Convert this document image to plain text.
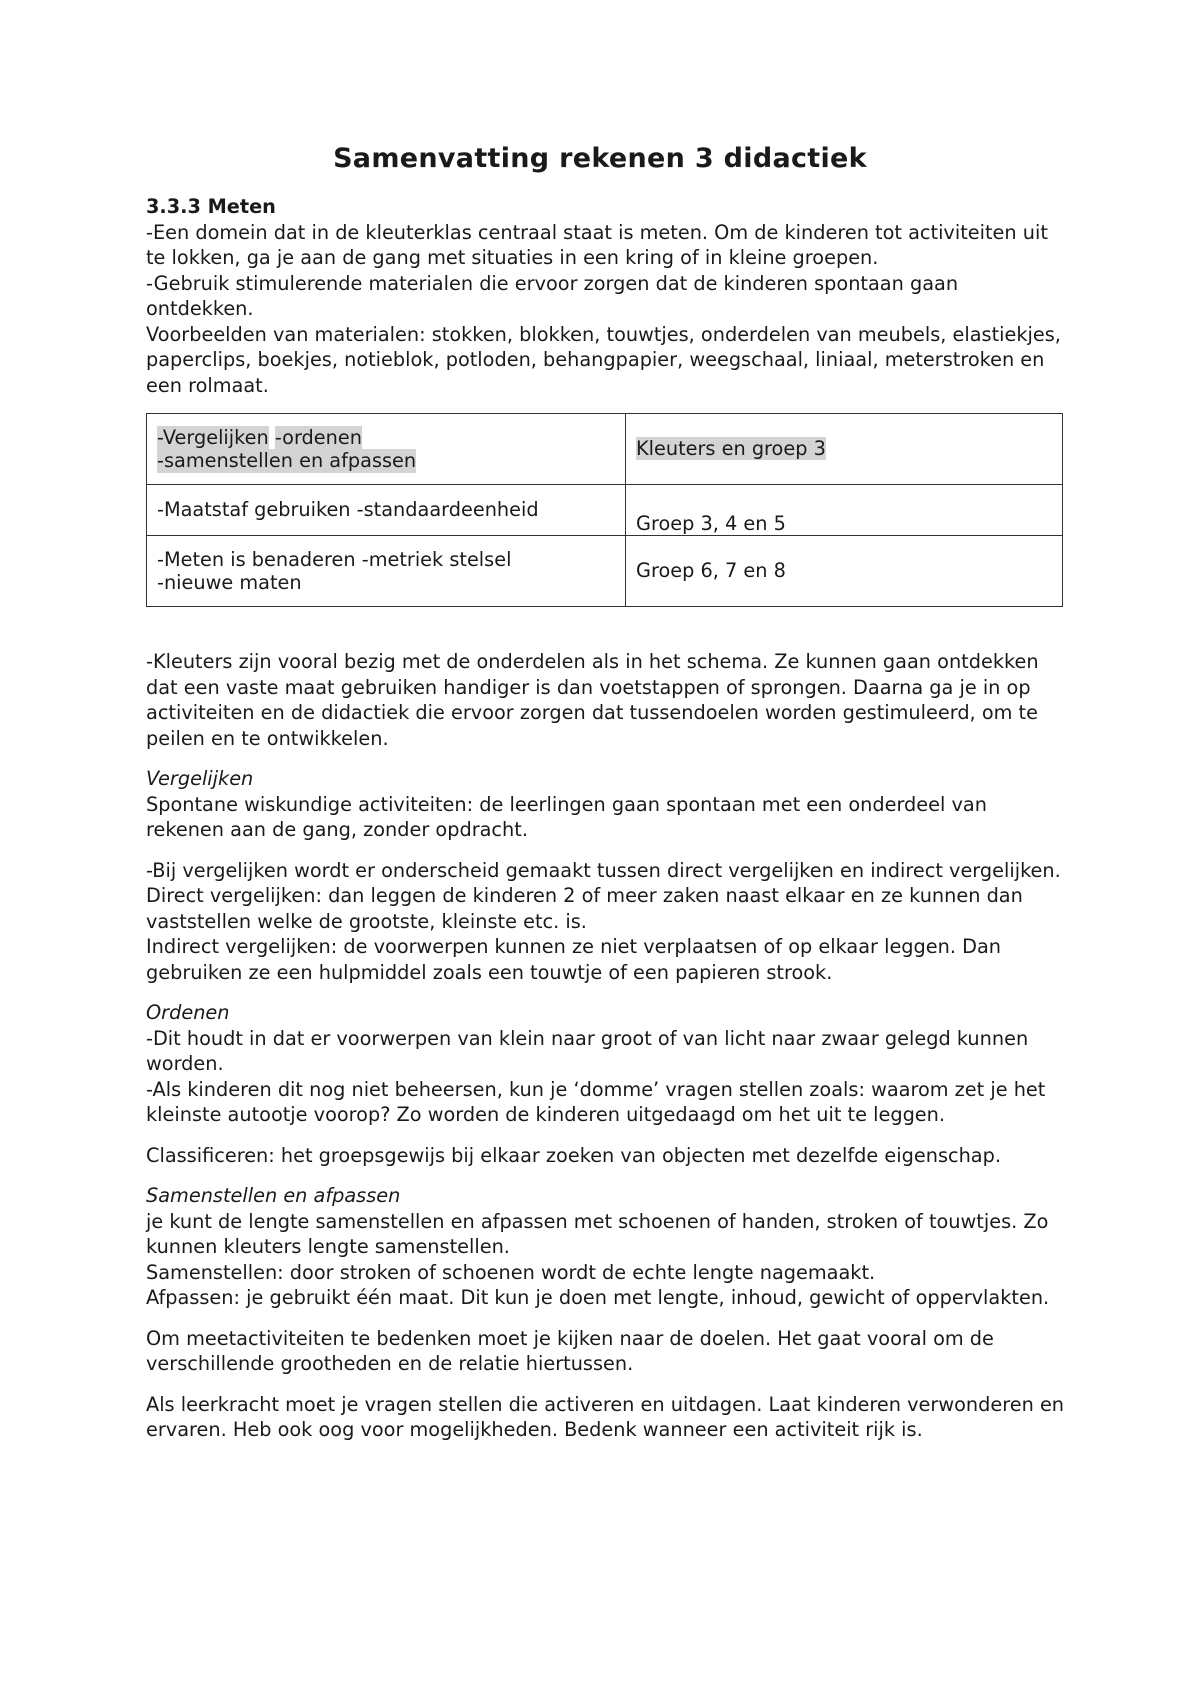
Samenvatting rekenen 3 didactiek

3.3.3 Meten

-Een domein dat in de kleuterklas centraal staat is meten. Om de kinderen tot activiteiten uit te lokken, ga je aan de gang met situaties in een kring of in kleine groepen.

-Gebruik stimulerende materialen die ervoor zorgen dat de kinderen spontaan gaan ontdekken.

Voorbeelden van materialen: stokken, blokken, touwtjes, onderdelen van meubels, elastiekjes, paperclips, boekjes, notieblok, potloden, behangpapier, weegschaal, liniaal, meterstroken en een rolmaat.

-Vergelijken -ordenen -samenstellen en afpassen	Kleuters en groep 3
-Maatstaf gebruiken -standaardeenheid	Groep 3, 4 en 5
-Meten is benaderen -metriek stelsel -nieuwe maten	Groep 6, 7 en 8

-Kleuters zijn vooral bezig met de onderdelen als in het schema. Ze kunnen gaan ontdekken dat een vaste maat gebruiken handiger is dan voetstappen of sprongen. Daarna ga je in op activiteiten en de didactiek die ervoor zorgen dat tussendoelen worden gestimuleerd, om te peilen en te ontwikkelen.

Vergelijken

Spontane wiskundige activiteiten: de leerlingen gaan spontaan met een onderdeel van rekenen aan de gang, zonder opdracht.

-Bij vergelijken wordt er onderscheid gemaakt tussen direct vergelijken en indirect vergelijken.

Direct vergelijken: dan leggen de kinderen 2 of meer zaken naast elkaar en ze kunnen dan vaststellen welke de grootste, kleinste etc. is.

Indirect vergelijken: de voorwerpen kunnen ze niet verplaatsen of op elkaar leggen. Dan gebruiken ze een hulpmiddel zoals een touwtje of een papieren strook.

Ordenen

-Dit houdt in dat er voorwerpen van klein naar groot of van licht naar zwaar gelegd kunnen worden.

-Als kinderen dit nog niet beheersen, kun je ‘domme’ vragen stellen zoals: waarom zet je het kleinste autootje voorop? Zo worden de kinderen uitgedaagd om het uit te leggen.

Classificeren: het groepsgewijs bij elkaar zoeken van objecten met dezelfde eigenschap.

Samenstellen en afpassen

je kunt de lengte samenstellen en afpassen met schoenen of handen, stroken of touwtjes. Zo kunnen kleuters lengte samenstellen.

Samenstellen: door stroken of schoenen wordt de echte lengte nagemaakt.

Afpassen: je gebruikt één maat. Dit kun je doen met lengte, inhoud, gewicht of oppervlakten.

Om meetactiviteiten te bedenken moet je kijken naar de doelen. Het gaat vooral om de verschillende grootheden en de relatie hiertussen.

Als leerkracht moet je vragen stellen die activeren en uitdagen. Laat kinderen verwonderen en ervaren. Heb ook oog voor mogelijkheden. Bedenk wanneer een activiteit rijk is.
